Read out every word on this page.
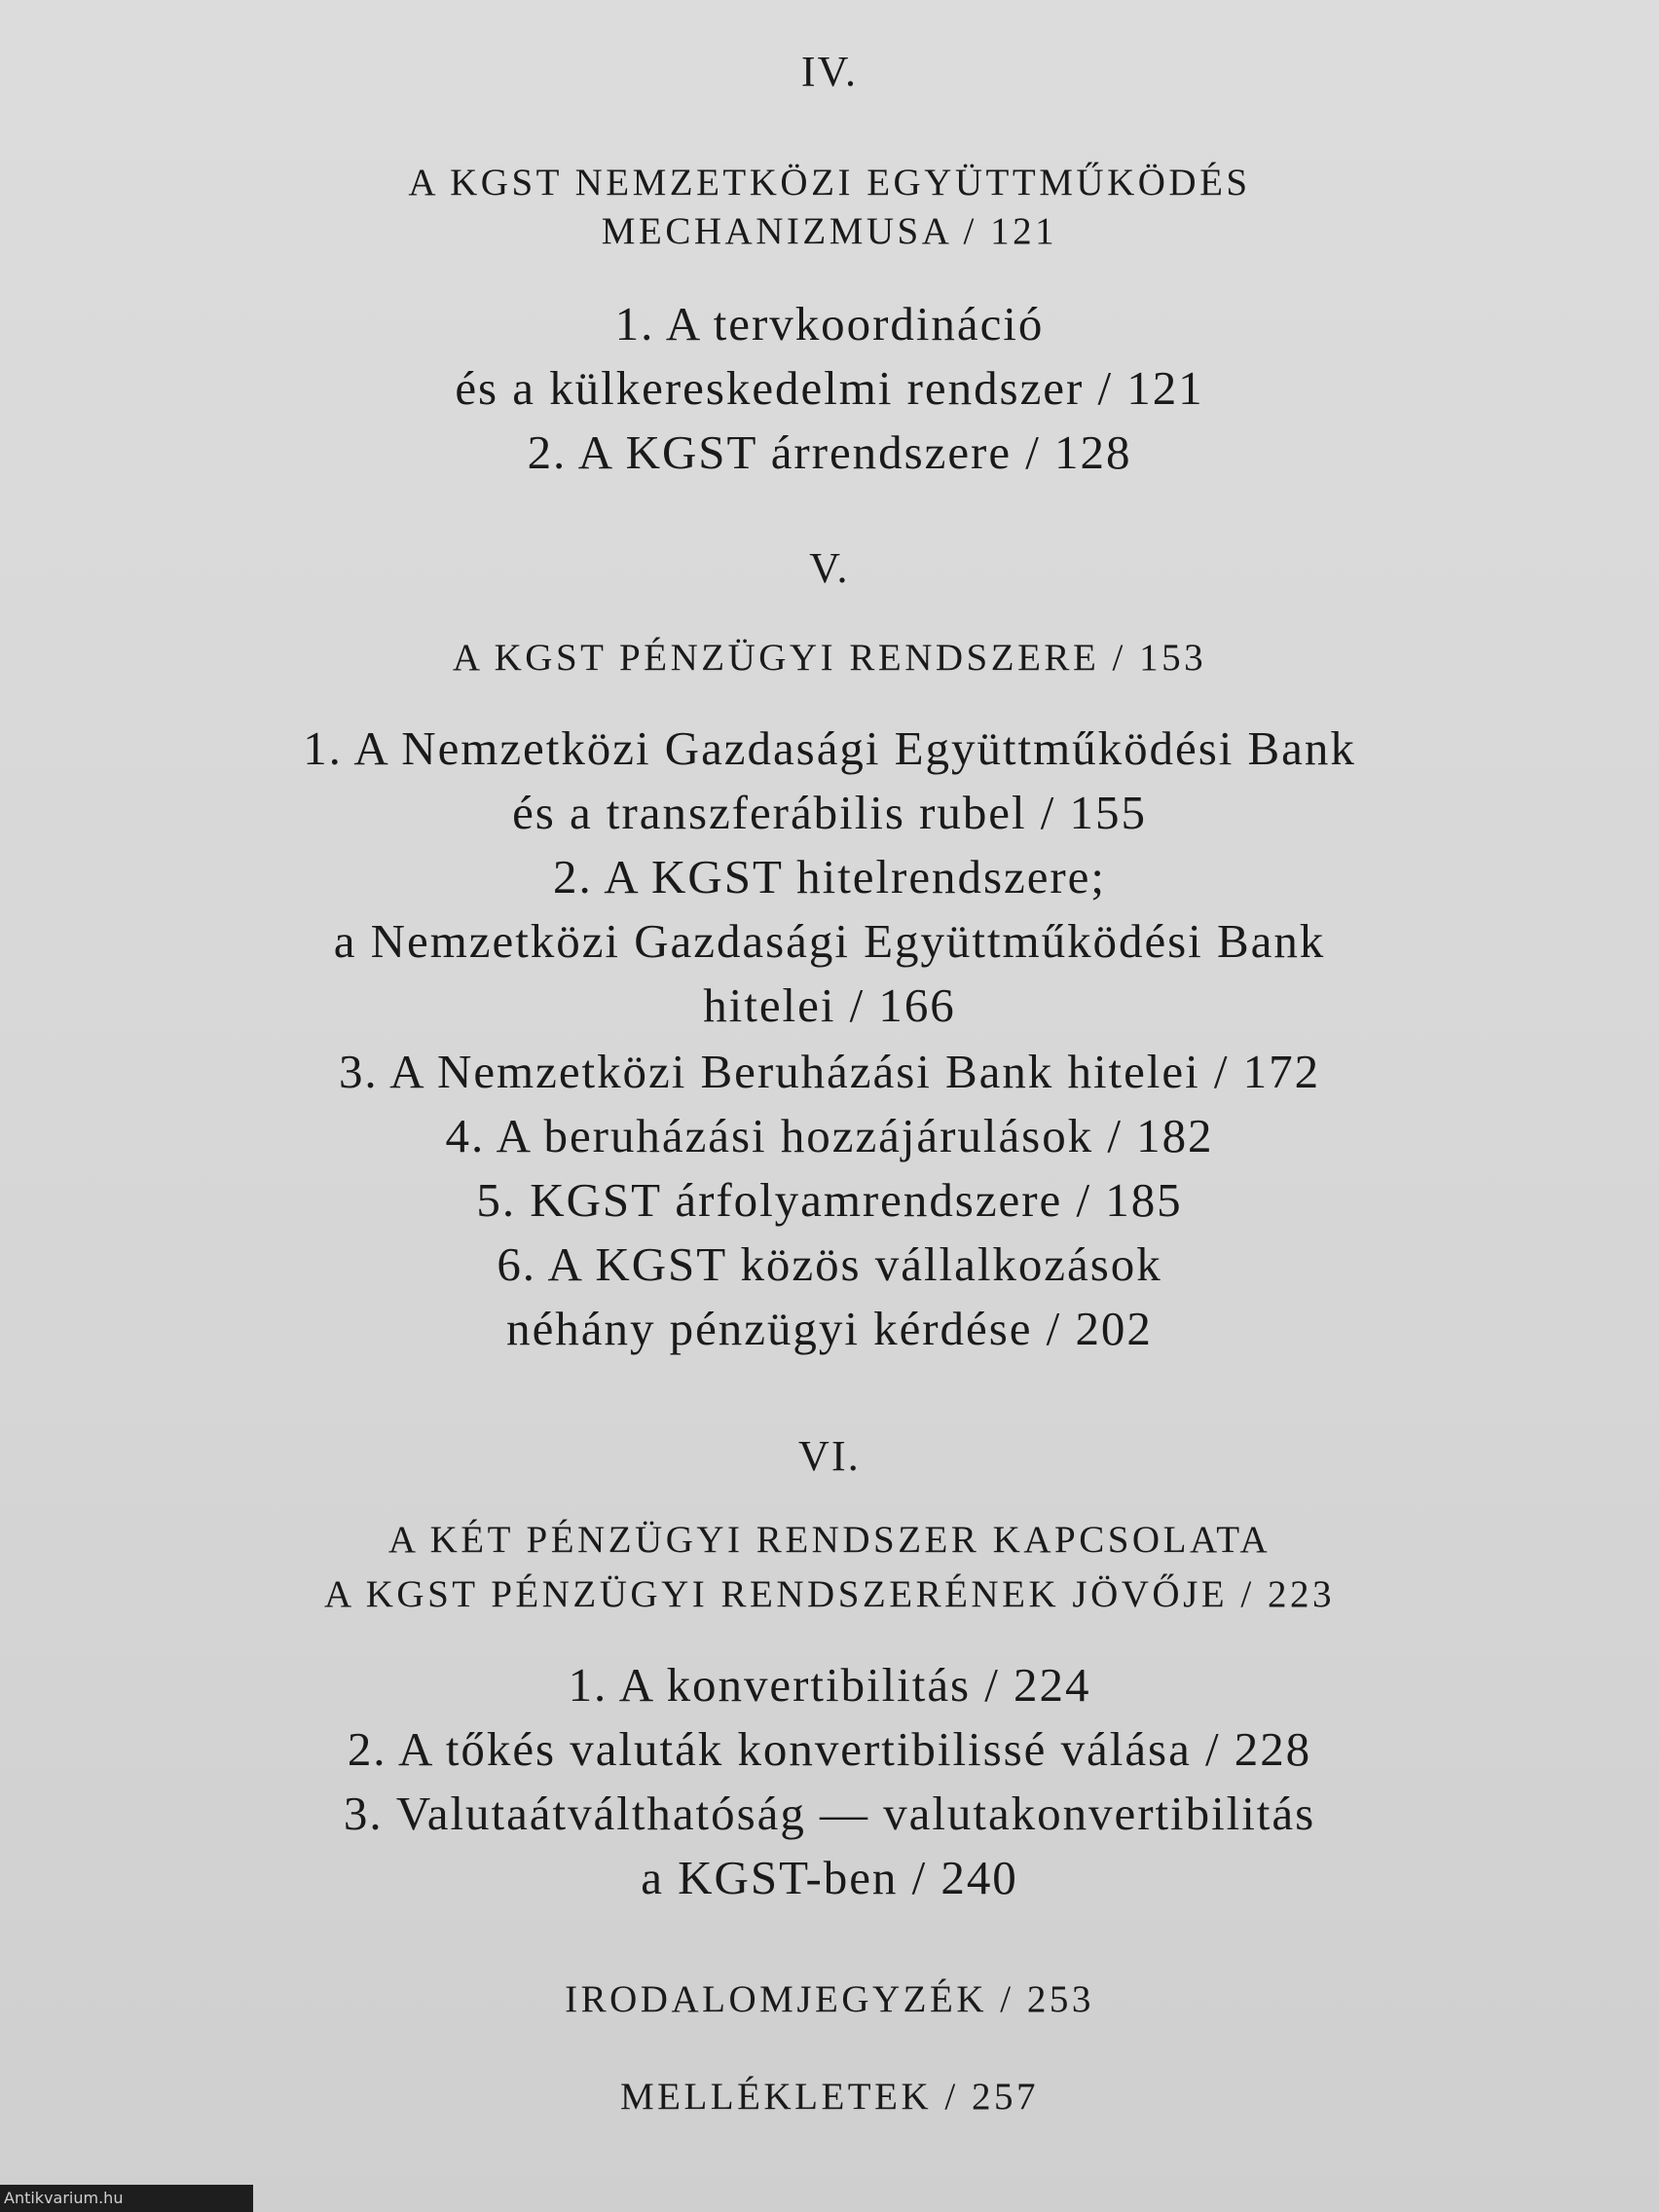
IV.
A KGST NEMZETKÖZI EGYÜTTMŰKÖDÉS
MECHANIZMUSA / 121
1. A tervkoordináció
és a külkereskedelmi rendszer / 121
2. A KGST árrendszere / 128
V.
A KGST PÉNZÜGYI RENDSZERE / 153
1. A Nemzetközi Gazdasági Együttműködési Bank
és a transzferábilis rubel / 155
2. A KGST hitelrendszere;
a Nemzetközi Gazdasági Együttműködési Bank
hitelei / 166
3. A Nemzetközi Beruházási Bank hitelei / 172
4. A beruházási hozzájárulások / 182
5. KGST árfolyamrendszere / 185
6. A KGST közös vállalkozások
néhány pénzügyi kérdése / 202
VI.
A KÉT PÉNZÜGYI RENDSZER KAPCSOLATA
A KGST PÉNZÜGYI RENDSZERÉNEK JÖVŐJE / 223
1. A konvertibilitás / 224
2. A tőkés valuták konvertibilissé válása / 228
3. Valutaátválthatóság — valutakonvertibilitás
a KGST-ben / 240
IRODALOMJEGYZÉK / 253
MELLÉKLETEK / 257
Antikvarium.hu
